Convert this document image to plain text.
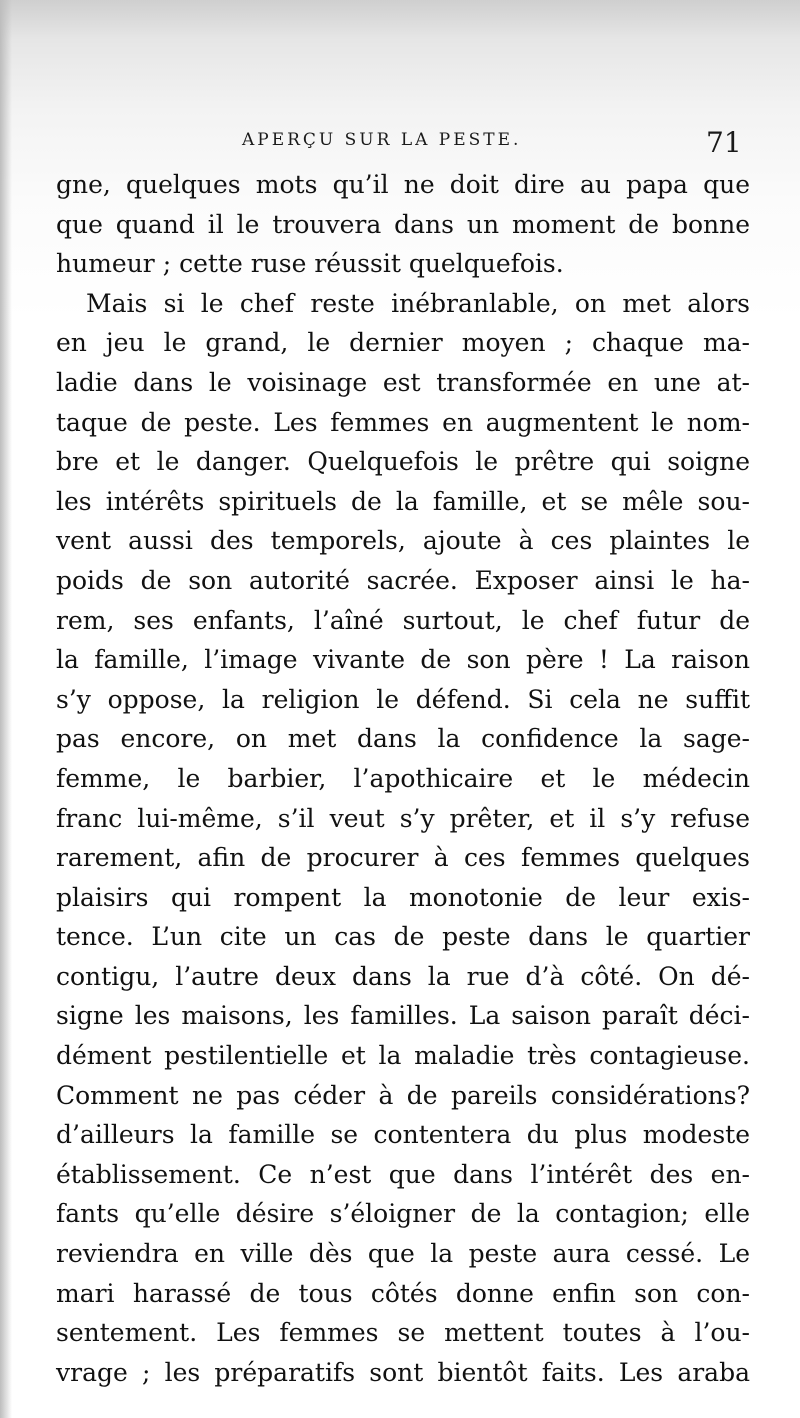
APERÇU SUR LA PESTE.	71
gne, quelques mots qu’il ne doit dire au papa que
que quand il le trouvera dans un moment de bonne
humeur ; cette ruse réussit quelquefois.
Mais si le chef reste inébranlable, on met alors
en jeu le grand, le dernier moyen ; chaque ma-
ladie dans le voisinage est transformée en une at-
taque de peste. Les femmes en augmentent le nom-
bre et le danger. Quelquefois le prêtre qui soigne
les intérêts spirituels de la famille, et se mêle sou-
vent aussi des temporels, ajoute à ces plaintes le
poids de son autorité sacrée. Exposer ainsi le ha-
rem, ses enfants, l’aîné surtout, le chef futur de
la famille, l’image vivante de son père ! La raison
s’y oppose, la religion le défend. Si cela ne suffit
pas encore, on met dans la confidence la sage-
femme, le barbier, l’apothicaire et le médecin
franc lui-même, s’il veut s’y prêter, et il s’y refuse
rarement, afin de procurer à ces femmes quelques
plaisirs qui rompent la monotonie de leur exis-
tence. L’un cite un cas de peste dans le quartier
contigu, l’autre deux dans la rue d’à côté. On dé-
signe les maisons, les familles. La saison paraît déci-
dément pestilentielle et la maladie très contagieuse.
Comment ne pas céder à de pareils considérations?
d’ailleurs la famille se contentera du plus modeste
établissement. Ce n’est que dans l’intérêt des en-
fants qu’elle désire s’éloigner de la contagion; elle
reviendra en ville dès que la peste aura cessé. Le
mari harassé de tous côtés donne enfin son con-
sentement. Les femmes se mettent toutes à l’ou-
vrage ; les préparatifs sont bientôt faits. Les araba
